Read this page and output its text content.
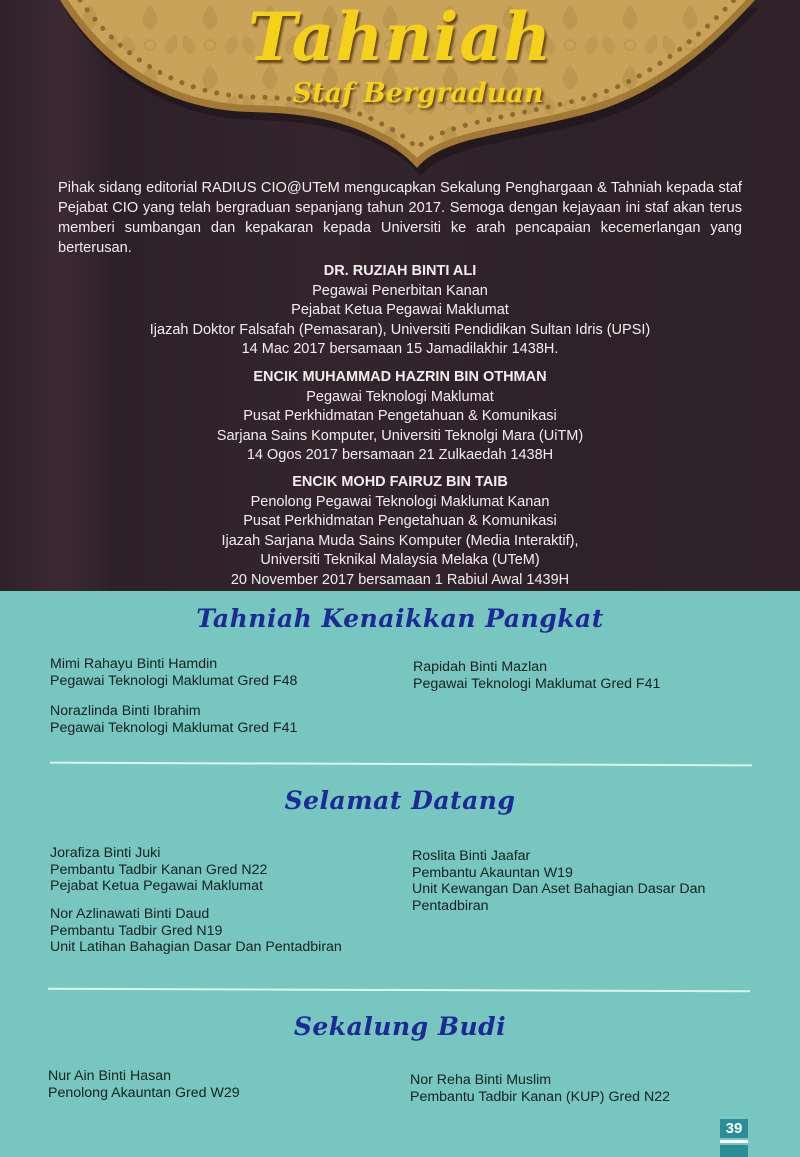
Tahniah
Staf Bergraduan
Pihak sidang editorial RADIUS CIO@UTeM mengucapkan Sekalung Penghargaan & Tahniah kepada staf Pejabat CIO yang telah bergraduan sepanjang tahun 2017. Semoga dengan kejayaan ini staf akan terus memberi sumbangan dan kepakaran kepada Universiti ke arah pencapaian kecemerlangan yang berterusan.
DR. RUZIAH BINTI ALI
Pegawai Penerbitan Kanan
Pejabat Ketua Pegawai Maklumat
Ijazah Doktor Falsafah (Pemasaran), Universiti Pendidikan Sultan Idris (UPSI)
14 Mac 2017 bersamaan 15 Jamadilakhir 1438H.
ENCIK MUHAMMAD HAZRIN BIN OTHMAN
Pegawai Teknologi Maklumat
Pusat Perkhidmatan Pengetahuan & Komunikasi
Sarjana Sains Komputer, Universiti Teknolgi Mara (UiTM)
14 Ogos 2017 bersamaan 21 Zulkaedah 1438H
ENCIK MOHD FAIRUZ BIN TAIB
Penolong Pegawai Teknologi Maklumat Kanan
Pusat Perkhidmatan Pengetahuan & Komunikasi
Ijazah Sarjana Muda Sains Komputer (Media Interaktif),
Universiti Teknikal Malaysia Melaka (UTeM)
20 November 2017 bersamaan 1 Rabiul Awal 1439H
Tahniah Kenaikkan Pangkat
Mimi Rahayu Binti Hamdin
Pegawai Teknologi Maklumat Gred F48
Norazlinda Binti Ibrahim
Pegawai Teknologi Maklumat Gred F41
Rapidah Binti Mazlan
Pegawai Teknologi Maklumat Gred F41
Selamat Datang
Jorafiza Binti Juki
Pembantu Tadbir Kanan Gred N22
Pejabat Ketua Pegawai Maklumat
Nor Azlinawati Binti Daud
Pembantu Tadbir Gred N19
Unit Latihan Bahagian Dasar Dan Pentadbiran
Roslita Binti Jaafar
Pembantu Akauntan W19
Unit Kewangan Dan Aset Bahagian Dasar Dan
Pentadbiran
Sekalung Budi
Nur Ain Binti Hasan
Penolong Akauntan Gred W29
Nor Reha Binti Muslim
Pembantu Tadbir Kanan (KUP) Gred N22
39
